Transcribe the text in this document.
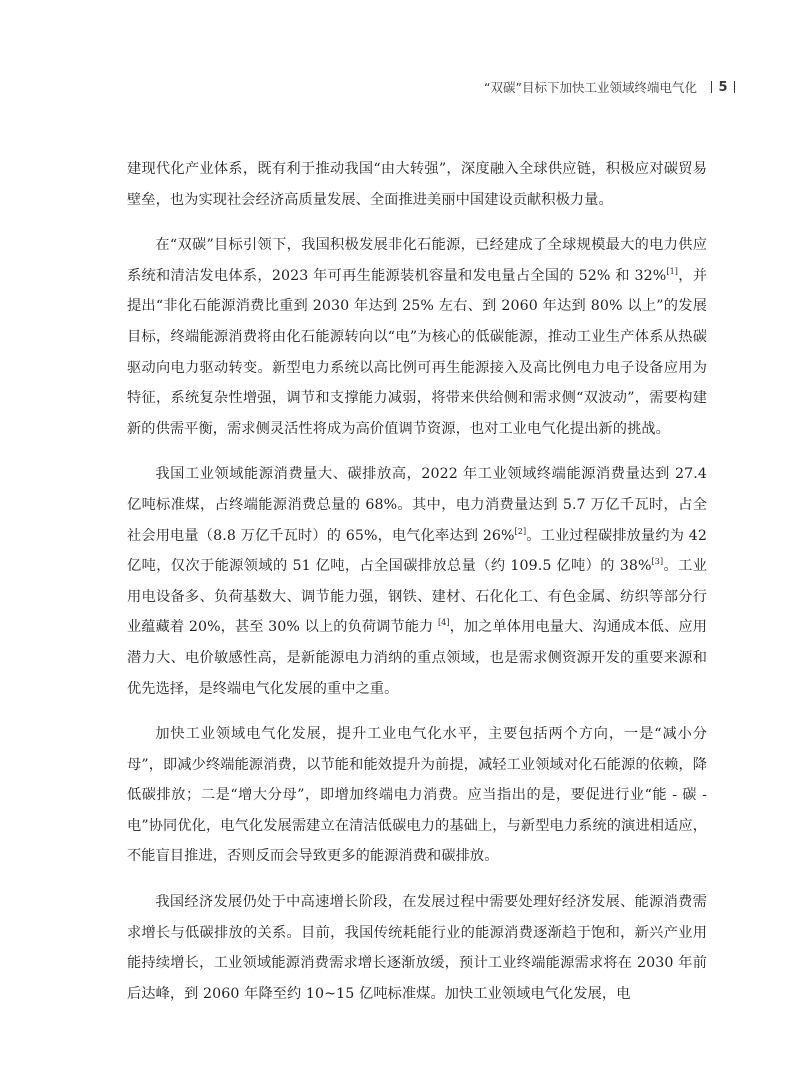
“双碳”目标下加快工业领域终端电气化 5

建现代化产业体系，既有利于推动我国“由大转强”，深度融入全球供应链，积极应对碳贸易壁垒，也为实现社会经济高质量发展、全面推进美丽中国建设贡献积极力量。

在“双碳”目标引领下，我国积极发展非化石能源，已经建成了全球规模最大的电力供应系统和清洁发电体系，2023 年可再生能源装机容量和发电量占全国的 52% 和 32%[1]，并提出“非化石能源消费比重到 2030 年达到 25% 左右、到 2060 年达到 80% 以上”的发展目标，终端能源消费将由化石能源转向以“电”为核心的低碳能源，推动工业生产体系从热碳驱动向电力驱动转变。新型电力系统以高比例可再生能源接入及高比例电力电子设备应用为特征，系统复杂性增强，调节和支撑能力减弱，将带来供给侧和需求侧“双波动”，需要构建新的供需平衡，需求侧灵活性将成为高价值调节资源，也对工业电气化提出新的挑战。

我国工业领域能源消费量大、碳排放高，2022 年工业领域终端能源消费量达到 27.4 亿吨标准煤，占终端能源消费总量的 68%。其中，电力消费量达到 5.7 万亿千瓦时，占全社会用电量（8.8 万亿千瓦时）的 65%，电气化率达到 26%[2]。工业过程碳排放量约为 42 亿吨，仅次于能源领域的 51 亿吨，占全国碳排放总量（约 109.5 亿吨）的 38%[3]。工业用电设备多、负荷基数大、调节能力强，钢铁、建材、石化化工、有色金属、纺织等部分行业蕴藏着 20%，甚至 30% 以上的负荷调节能力 [4]，加之单体用电量大、沟通成本低、应用潜力大、电价敏感性高，是新能源电力消纳的重点领域，也是需求侧资源开发的重要来源和优先选择，是终端电气化发展的重中之重。

加快工业领域电气化发展，提升工业电气化水平，主要包括两个方向，一是“减小分母”，即减少终端能源消费，以节能和能效提升为前提，减轻工业领域对化石能源的依赖，降低碳排放；二是“增大分母”，即增加终端电力消费。应当指出的是，要促进行业“能 - 碳 - 电”协同优化，电气化发展需建立在清洁低碳电力的基础上，与新型电力系统的演进相适应，不能盲目推进，否则反而会导致更多的能源消费和碳排放。

我国经济发展仍处于中高速增长阶段，在发展过程中需要处理好经济发展、能源消费需求增长与低碳排放的关系。目前，我国传统耗能行业的能源消费逐渐趋于饱和，新兴产业用能持续增长，工业领域能源消费需求增长逐渐放缓，预计工业终端能源需求将在 2030 年前后达峰，到 2060 年降至约 10~15 亿吨标准煤。加快工业领域电气化发展，电
